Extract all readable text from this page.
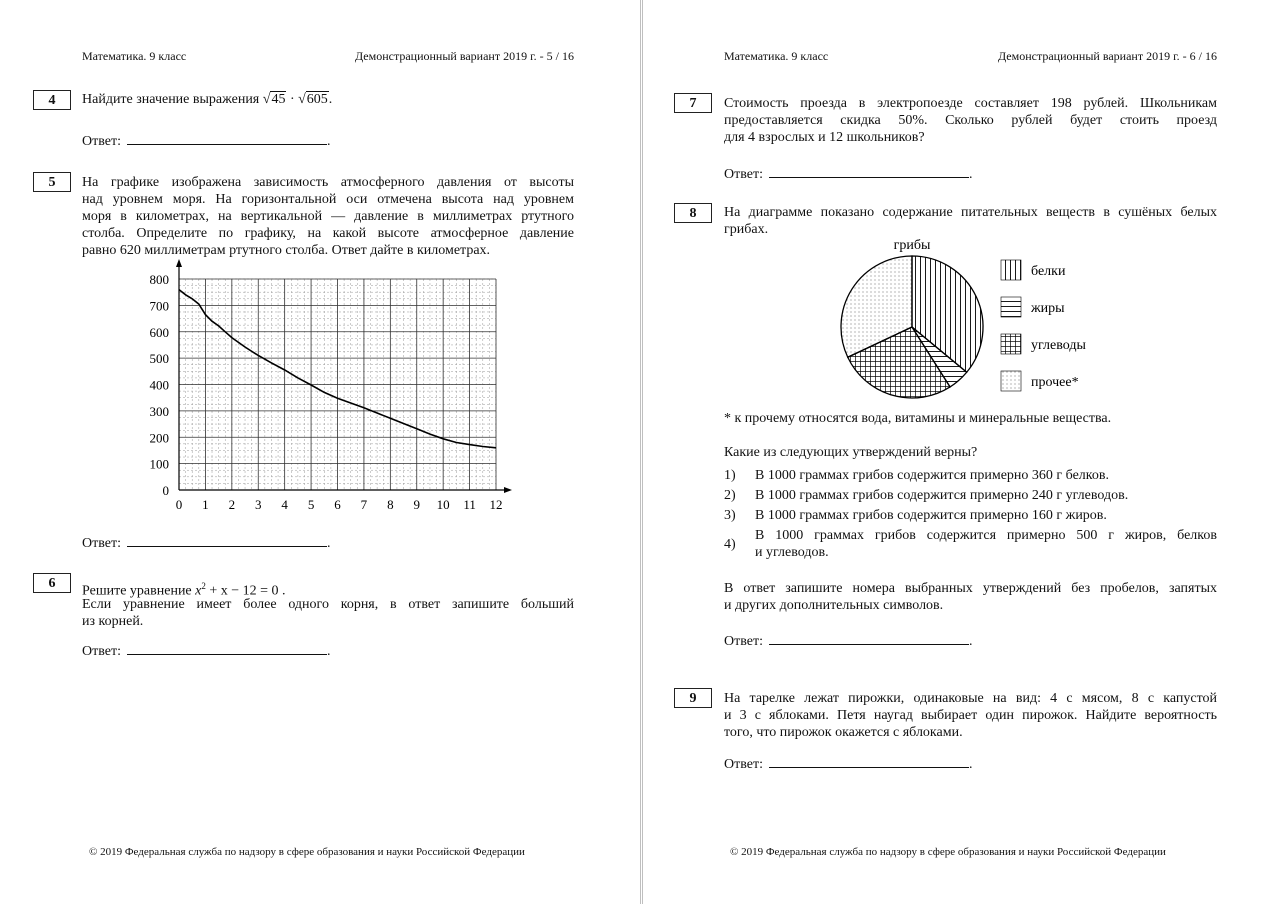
Математика. 9 класс	Демонстрационный вариант 2019 г. - 5 / 16
4	Найдите значение выражения √45 · √605.
Ответ:	.
5	На графике изображена зависимость атмосферного давления от высоты
над уровнем моря. На горизонтальной оси отмечена высота над уровнем
моря в километрах, на вертикальной — давление в миллиметрах ртутного
столба. Определите по графику, на какой высоте атмосферное давление
равно 620 миллиметрам ртутного столба. Ответ дайте в километрах.
0 1 2 3 4 5 6 7 8 9 10 11 12
0
100
200
300
400
500
600
700
800
Ответ:	.
6
Решите уравнение $x^2 + x - 12 = 0$ .
Если уравнение имеет более одного корня, в ответ запишите больший
из корней.
Ответ:	.
© 2019 Федеральная служба по надзору в сфере образования и науки Российской Федерации
Математика. 9 класс	Демонстрационный вариант 2019 г. - 6 / 16
7	Стоимость проезда в электропоезде составляет 198 рублей. Школьникам
предоставляется скидка 50%. Сколько рублей будет стоить проезд
для 4 взрослых и 12 школьников?
Ответ:	.
8	На диаграмме показано содержание питательных веществ в сушёных белых
грибах.
грибы
белки
жиры
углеводы
прочее*
* к прочему относятся вода, витамины и минеральные вещества.
Какие из следующих утверждений верны?
1) В 1000 граммах грибов содержится примерно 360 г белков.
2) В 1000 граммах грибов содержится примерно 240 г углеводов.
3) В 1000 граммах грибов содержится примерно 160 г жиров.
4)
В 1000 граммах грибов содержится примерно 500 г жиров, белков
и углеводов.
В ответ запишите номера выбранных утверждений без пробелов, запятых
и других дополнительных символов.
Ответ:	.
9	На тарелке лежат пирожки, одинаковые на вид: 4 с мясом, 8 с капустой
и 3 с яблоками. Петя наугад выбирает один пирожок. Найдите вероятность
того, что пирожок окажется с яблоками.
Ответ:	.
© 2019 Федеральная служба по надзору в сфере образования и науки Российской Федерации
